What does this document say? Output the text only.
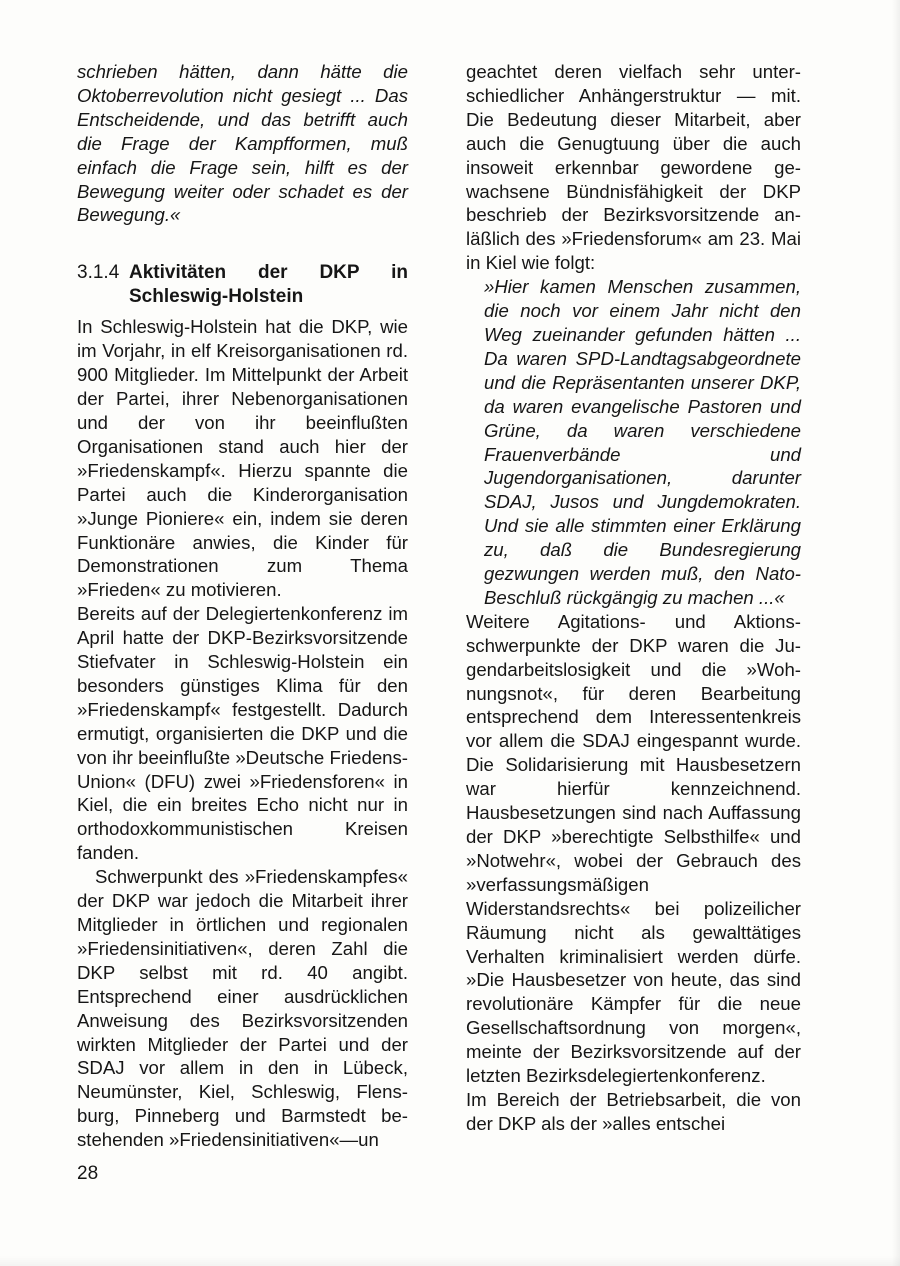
schrieben hätten, dann hätte die Oktoberrevolution nicht gesiegt ... Das Entscheidende, und das betrifft auch die Frage der Kampfformen, muß einfach die Frage sein, hilft es der Bewegung weiter oder schadet es der Bewegung.«

3.1.4 Aktivitäten der DKP in Schleswig-Holstein

In Schleswig-Holstein hat die DKP, wie im Vorjahr, in elf Kreisorganisationen rd. 900 Mitglieder. Im Mittelpunkt der Arbeit der Partei, ihrer Nebenorganisationen und der von ihr beeinflußten Organisationen stand auch hier der »Friedenskampf«. Hierzu spannte die Partei auch die Kinderorganisation »Junge Pioniere« ein, indem sie deren Funktionäre anwies, die Kinder für Demonstrationen zum Thema »Frieden« zu motivieren.

Bereits auf der Delegiertenkonferenz im April hatte der DKP-Bezirksvorsitzende Stiefvater in Schleswig-Holstein ein besonders günstiges Klima für den »Friedenskampf« festgestellt. Dadurch ermutigt, organisierten die DKP und die von ihr beeinflußte »Deutsche Friedens-Union« (DFU) zwei »Friedensforen« in Kiel, die ein breites Echo nicht nur in orthodoxkommunistischen Kreisen fanden.

Schwerpunkt des »Friedenskampfes« der DKP war jedoch die Mitarbeit ihrer Mitglieder in örtlichen und regionalen »Friedensinitiativen«, deren Zahl die DKP selbst mit rd. 40 angibt. Entsprechend einer ausdrücklichen Anweisung des Bezirksvorsitzenden wirkten Mitglieder der Partei und der SDAJ vor allem in den in Lübeck, Neumünster, Kiel, Schleswig, Flensburg, Pinneberg und Barmstedt bestehenden »Friedensinitiativen«—un

geachtet deren vielfach sehr unterschiedlicher Anhängerstruktur — mit. Die Bedeutung dieser Mitarbeit, aber auch die Genugtuung über die auch insoweit erkennbar gewordene gewachsene Bündnisfähigkeit der DKP beschrieb der Bezirksvorsitzende anläßlich des »Friedensforum« am 23. Mai in Kiel wie folgt:

»Hier kamen Menschen zusammen, die noch vor einem Jahr nicht den Weg zueinander gefunden hätten ... Da waren SPD-Landtagsabgeordnete und die Repräsentanten unserer DKP, da waren evangelische Pastoren und Grüne, da waren verschiedene Frauenverbände und Jugendorganisationen, darunter SDAJ, Jusos und Jungdemokraten. Und sie alle stimmten einer Erklärung zu, daß die Bundesregierung gezwungen werden muß, den Nato-Beschluß rückgängig zu machen ...«

Weitere Agitations- und Aktionsschwerpunkte der DKP waren die Jugendarbeitslosigkeit und die »Wohnungsnot«, für deren Bearbeitung entsprechend dem Interessentenkreis vor allem die SDAJ eingespannt wurde. Die Solidarisierung mit Hausbesetzern war hierfür kennzeichnend. Hausbesetzungen sind nach Auffassung der DKP »berechtigte Selbsthilfe« und »Notwehr«, wobei der Gebrauch des »verfassungsmäßigen Widerstandsrechts« bei polizeilicher Räumung nicht als gewalttätiges Verhalten kriminalisiert werden dürfe. »Die Hausbesetzer von heute, das sind revolutionäre Kämpfer für die neue Gesellschaftsordnung von morgen«, meinte der Bezirksvorsitzende auf der letzten Bezirksdelegiertenkonferenz.

Im Bereich der Betriebsarbeit, die von der DKP als der »alles entschei

28
